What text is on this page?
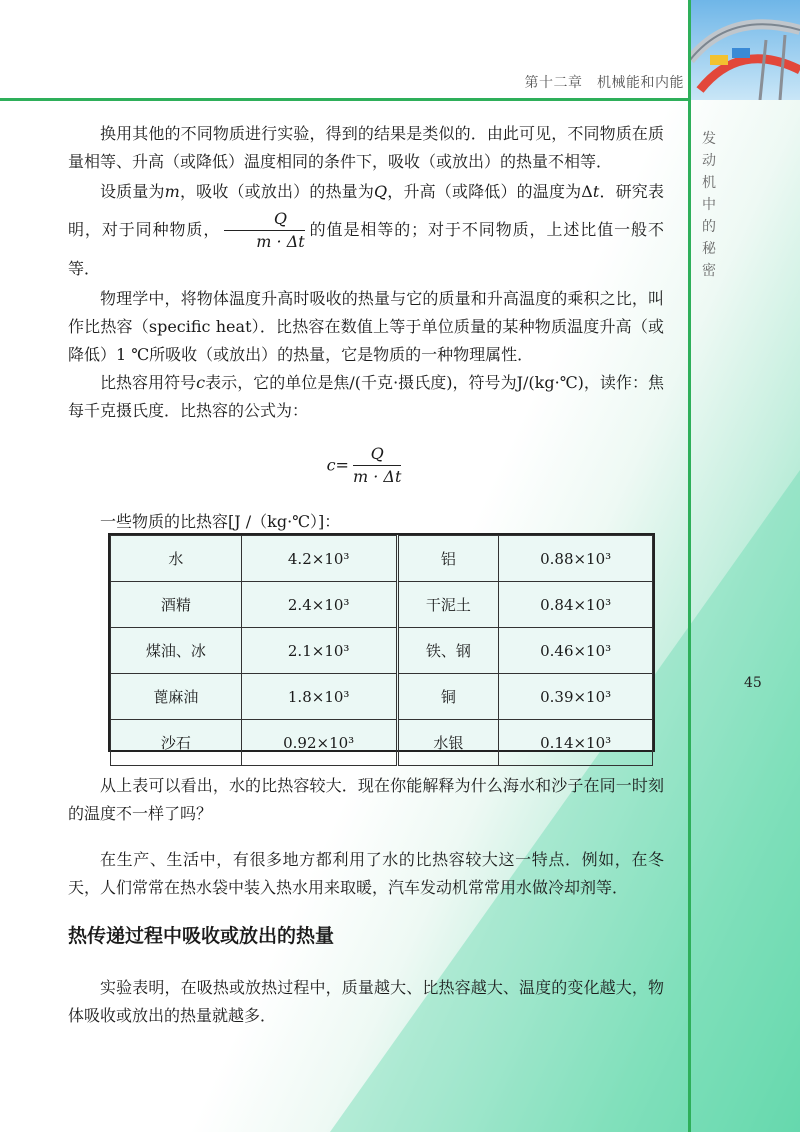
第十二章　机械能和内能
发
动
机
中
的
秘
密
45

换用其他的不同物质进行实验，得到的结果是类似的．由此可见，不同物质在质量相等、升高（或降低）温度相同的条件下，吸收（或放出）的热量不相等．

设质量为m，吸收（或放出）的热量为Q，升高（或降低）的温度为Δt．研究表明，对于同种物质， $\frac{Q}{m \cdot \Delta t}$ 的值是相等的；对于不同物质，上述比值一般不等．

物理学中，将物体温度升高时吸收的热量与它的质量和升高温度的乘积之比，叫作比热容（specific heat）．比热容在数值上等于单位质量的某种物质温度升高（或降低）1 ℃所吸收（或放出）的热量，它是物质的一种物理属性．

比热容用符号c表示，它的单位是焦/(千克·摄氏度)，符号为J/(kg·℃)，读作：焦每千克摄氏度．比热容的公式为：

$c= \frac{Q}{m \cdot \Delta t}$

一些物质的比热容[J /（kg·℃）]：

水	4.2×10³	铝	0.88×10³
酒精	2.4×10³	干泥土	0.84×10³
煤油、冰	2.1×10³	铁、钢	0.46×10³
蓖麻油	1.8×10³	铜	0.39×10³
沙石	0.92×10³	水银	0.14×10³

从上表可以看出，水的比热容较大．现在你能解释为什么海水和沙子在同一时刻的温度不一样了吗？

在生产、生活中，有很多地方都利用了水的比热容较大这一特点．例如，在冬天，人们常常在热水袋中装入热水用来取暖，汽车发动机常常用水做冷却剂等．

热传递过程中吸收或放出的热量

实验表明，在吸热或放热过程中，质量越大、比热容越大、温度的变化越大，物体吸收或放出的热量就越多．
